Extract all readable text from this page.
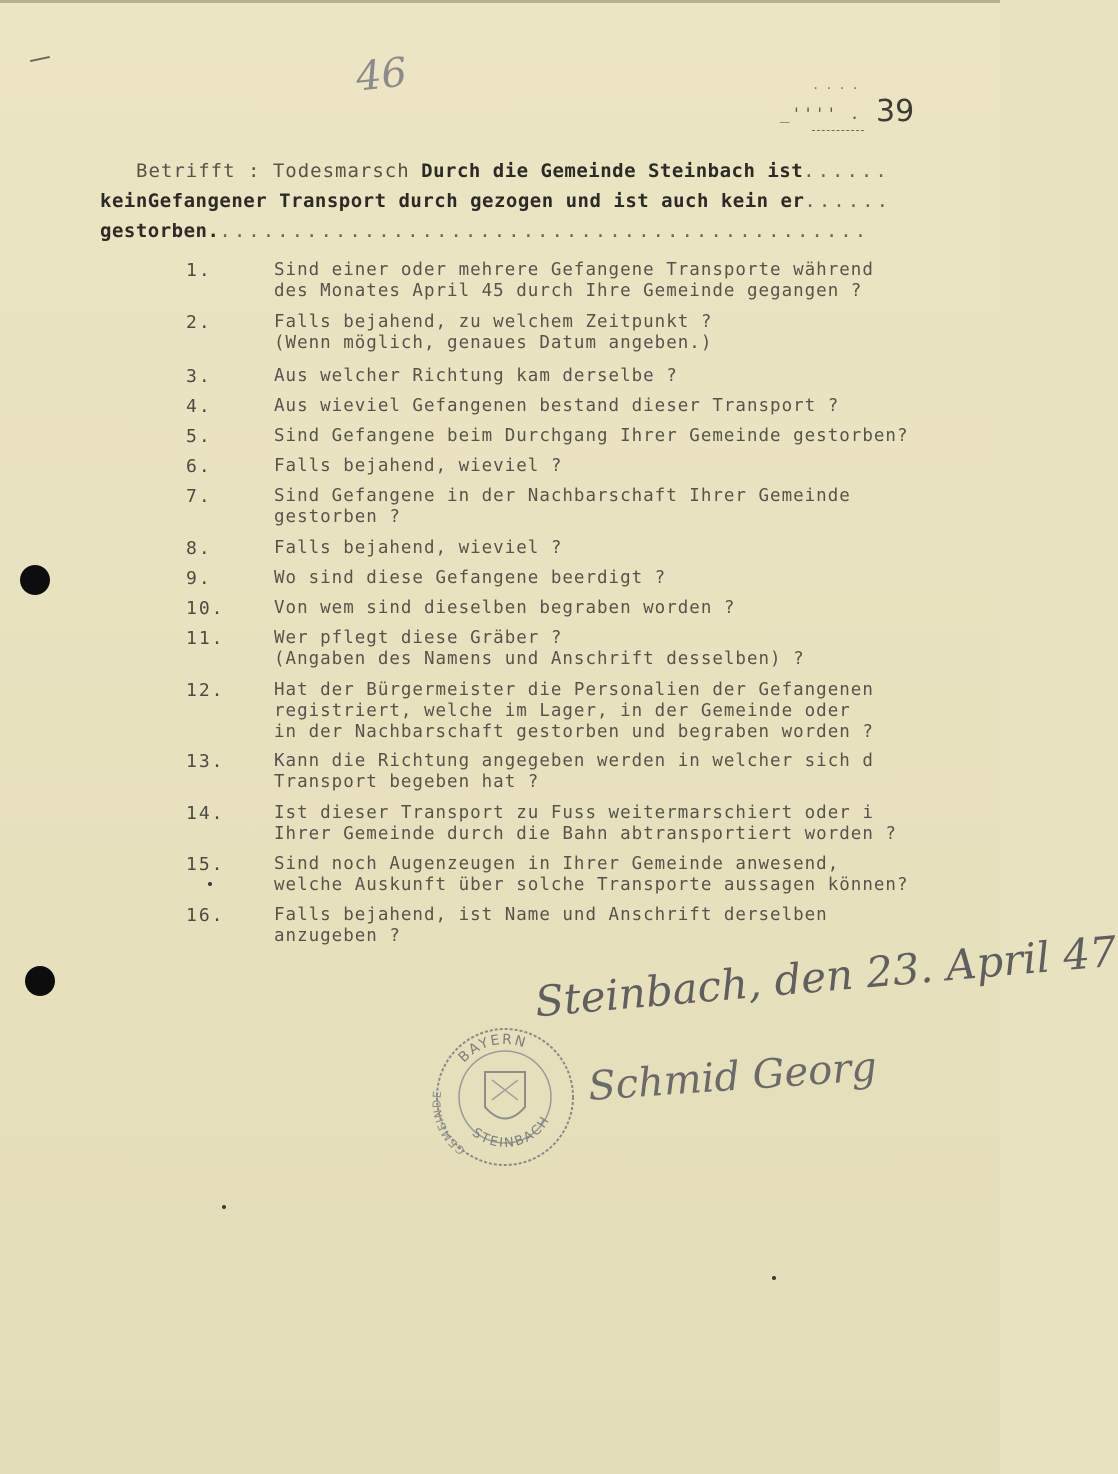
46	....
_'''' . 39
Betrifft : Todesmarsch Durch die Gemeinde Steinbach ist......
keinGefangener Transport durch gezogen und ist auch kein er......
gestorben..............................................
1.	Sind einer oder mehrere Gefangene Transporte während
des Monates April 45 durch Ihre Gemeinde gegangen ?
2.	Falls bejahend, zu welchem Zeitpunkt ?
(Wenn möglich, genaues Datum angeben.)
3.	Aus welcher Richtung kam derselbe ?
4.	Aus wieviel Gefangenen bestand dieser Transport ?
5.	Sind Gefangene beim Durchgang Ihrer Gemeinde gestorben?
6.	Falls bejahend, wieviel ?
7.	Sind Gefangene in der Nachbarschaft Ihrer Gemeinde
gestorben ?
8.	Falls bejahend, wieviel ?
9.	Wo sind diese Gefangene beerdigt ?
10.	Von wem sind dieselben begraben worden ?
11.	Wer pflegt diese Gräber ?
(Angaben des Namens und Anschrift desselben) ?
12.	Hat der Bürgermeister die Personalien der Gefangenen
registriert, welche im Lager, in der Gemeinde oder
in der Nachbarschaft gestorben und begraben worden ?
13.	Kann die Richtung angegeben werden in welcher sich d
Transport begeben hat ?
14.	Ist dieser Transport zu Fuss weitermarschiert oder i
Ihrer Gemeinde durch die Bahn abtransportiert worden ?
15.	Sind noch Augenzeugen in Ihrer Gemeinde anwesend,
welche Auskunft über solche Transporte aussagen können?
16.	Falls bejahend, ist Name und Anschrift derselben
anzugeben ?	Steinbach, den 23. April 47
BAYERN
GEMEINDE
STEINBACH
Schmid Georg
